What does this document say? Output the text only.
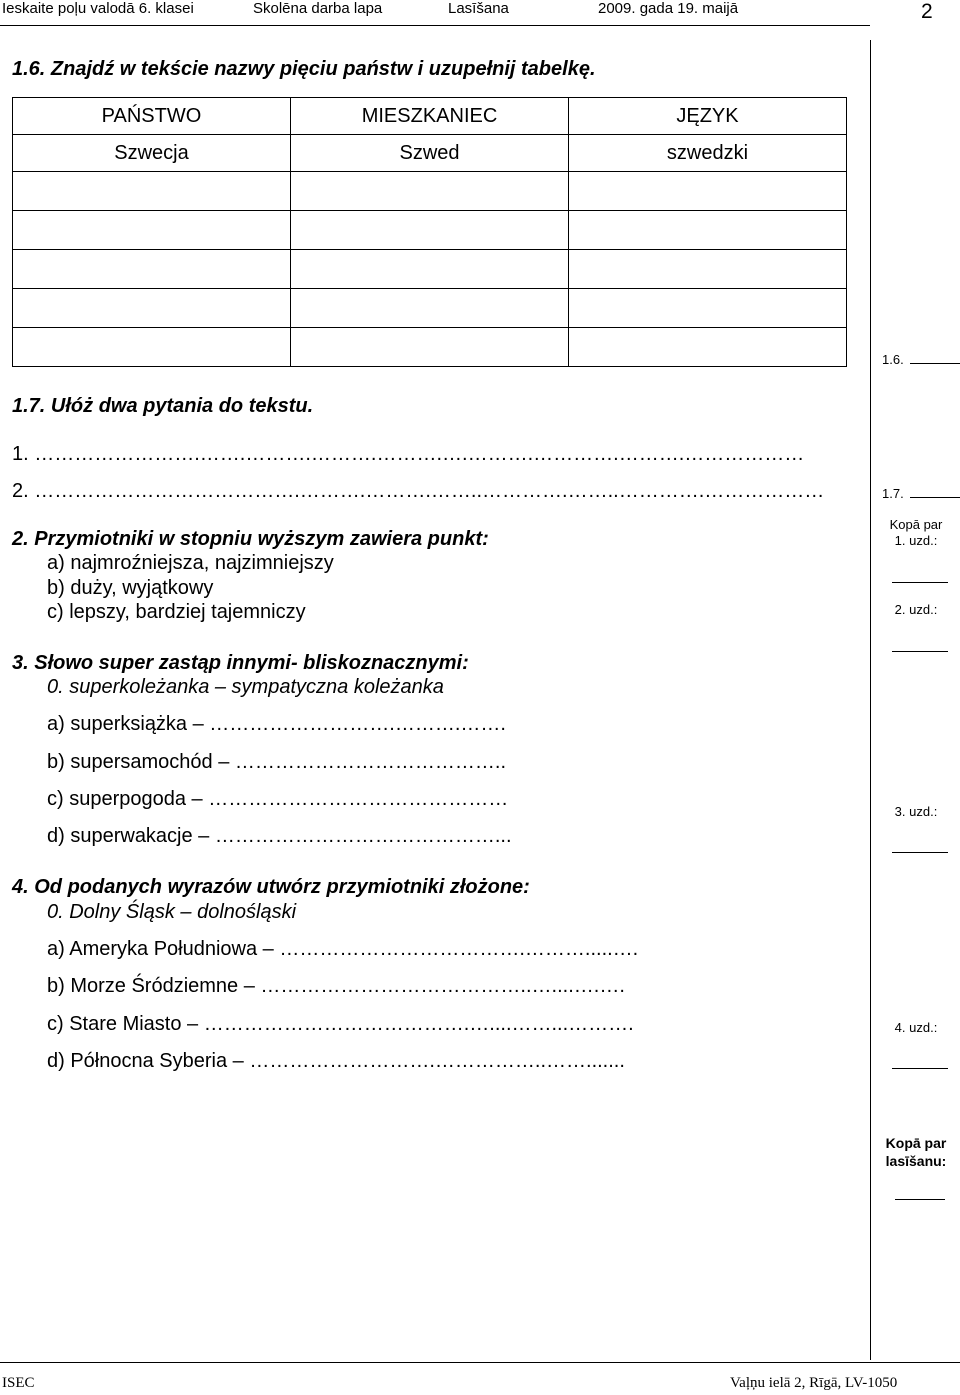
Ieskaite poļu valodā 6. klasei	Skolēna darba lapa	Lasīšana	2009. gada 19. maijā	2
1.6. Znajdź w tekście nazwy pięciu państw i uzupełnij tabelkę.
PAŃSTWO	MIESZKANIEC	JĘZYK
Szwecja	Szwed	szwedzki

1.7. Ułóż dwa pytania do tekstu.
1. …………………….…….……….……….……….….……….………….……….………………
2. ………………………………….……….……….……..………….……..………….………………
2. Przymiotniki w stopniu wyższym zawiera punkt:
a) najmroźniejsza, najzimniejszy
b) duży, wyjątkowy
c) lepszy, bardziej tajemniczy
3. Słowo super zastąp innymi- bliskoznacznymi:
0. superkoleżanka – sympatyczna koleżanka
a) superksiążka – ……………………….……….…….
b) supersamochód – …………………………………..
c) superpogoda – ………………………………………
d) superwakacje – ……………………………………...
4. Od podanych wyrazów utwórz przymiotniki złożone:
0. Dolny Śląsk – dolnośląski
a) Ameryka Południowa – ……………………………….……….....….
b) Morze Śródziemne – …………………………………..…....….….
c) Stare Miasto – ………………………………….…....……...……….
d) Północna Syberia – ……………………….……………..…….......
1.6.
1.7.
Kopā par
1. uzd.:
2. uzd.:
3. uzd.:
4. uzd.:
Kopā par
lasīšanu:
ISEC	Vaļņu ielā 2, Rīgā, LV-1050
